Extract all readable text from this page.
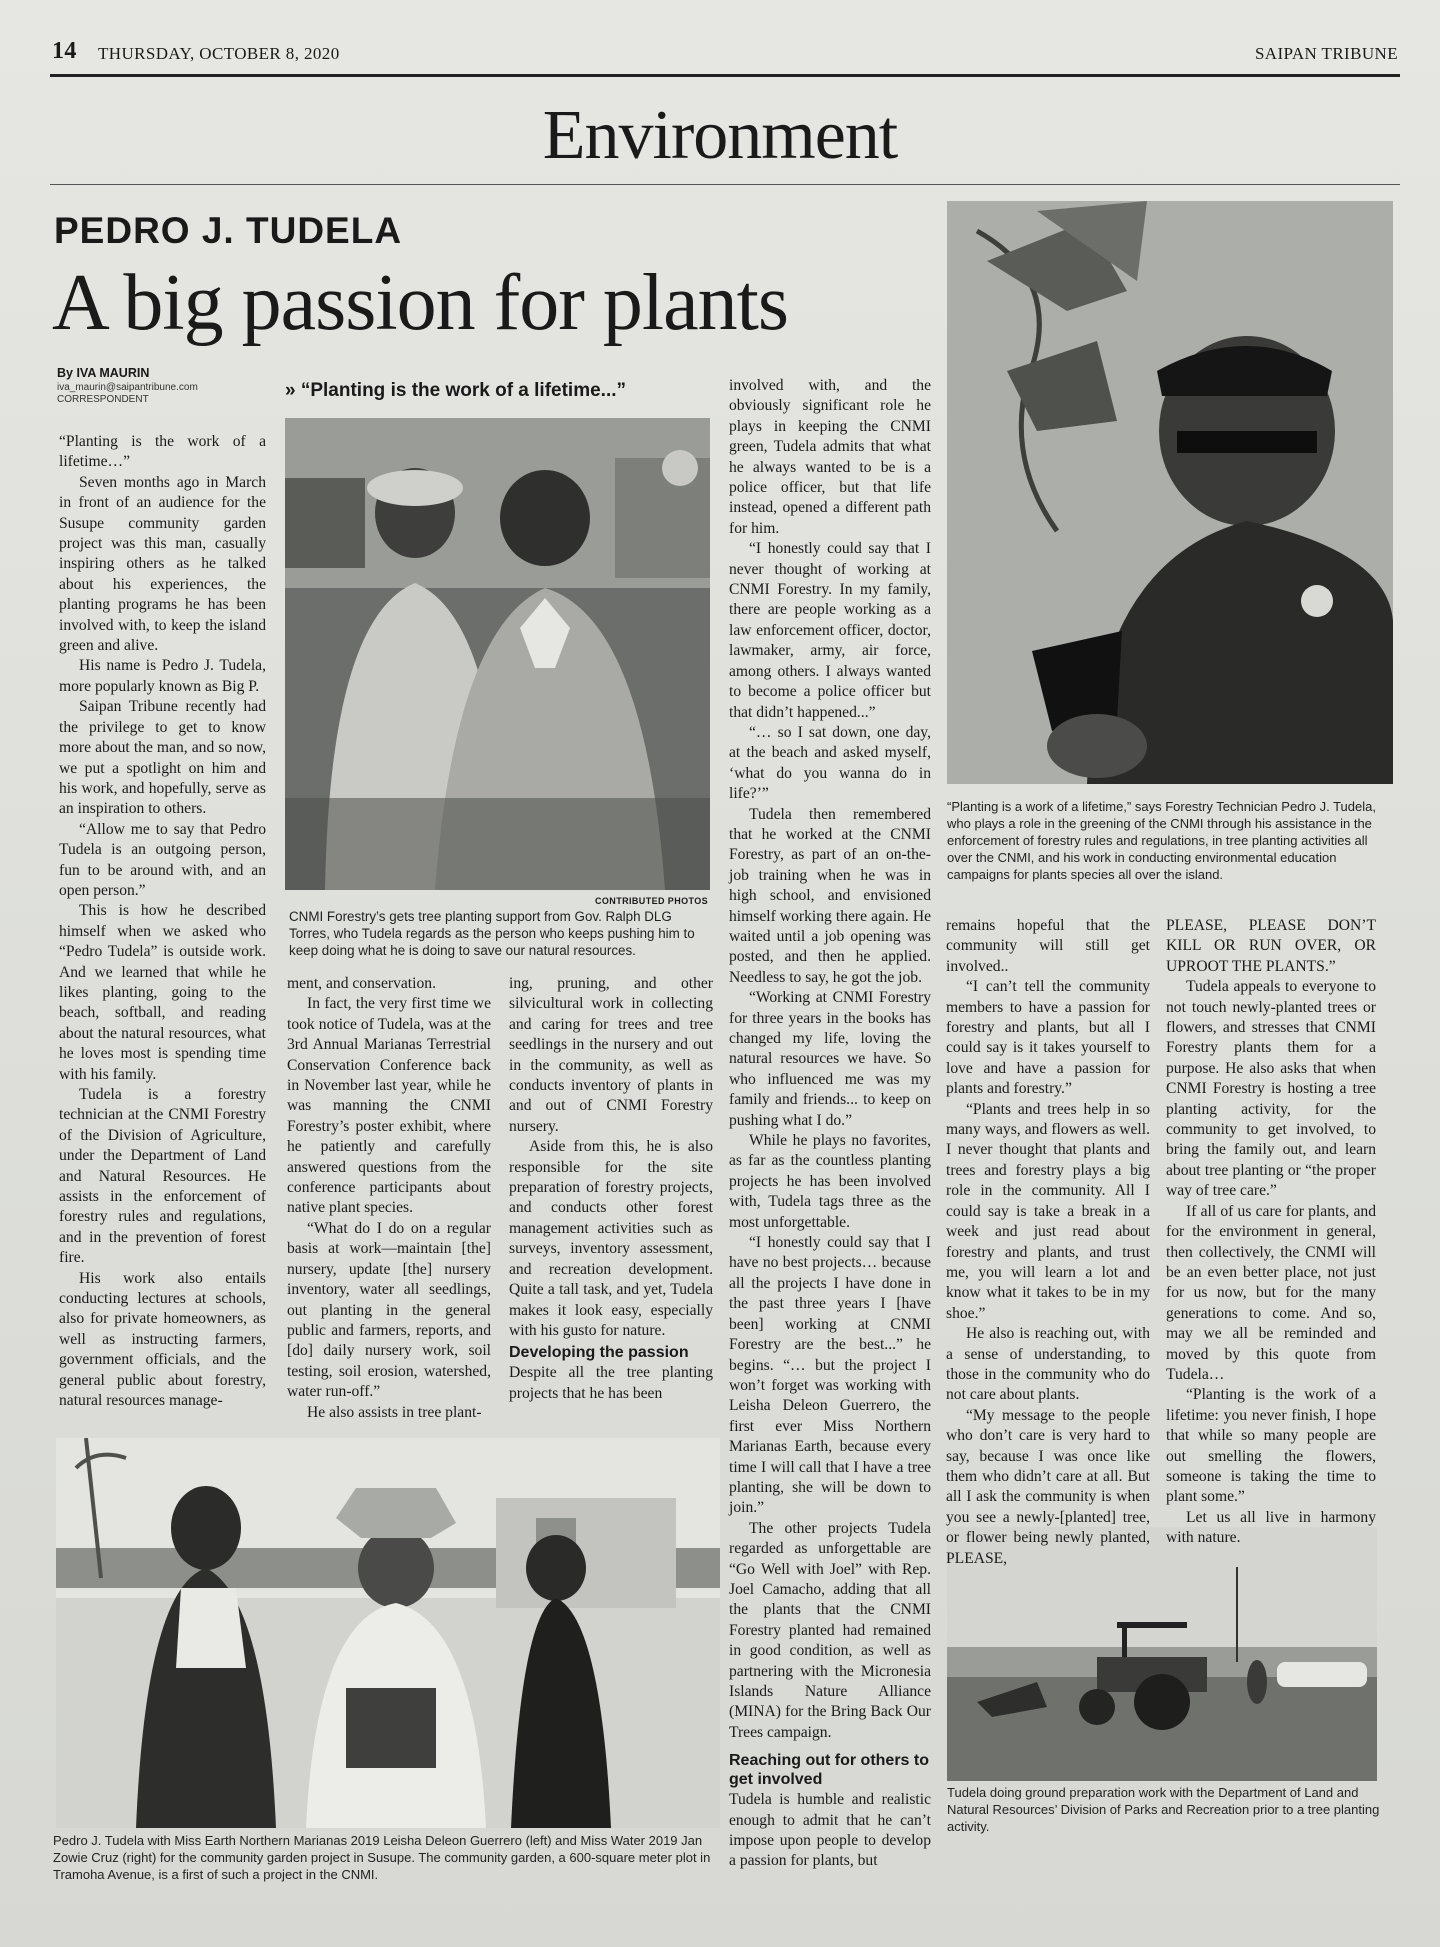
14 THURSDAY, OCTOBER 8, 2020	SAIPAN TRIBUNE
Environment
PEDRO J. TUDELA
A big passion for plants
By IVA MAURIN
iva_maurin@saipantribune.com
CORRESPONDENT	» “Planting is the work of a lifetime...”
CONTRIBUTED PHOTOS
CNMI Forestry’s gets tree planting support from Gov. Ralph DLG Torres, who Tudela regards as the person who keeps pushing him to keep doing what he is doing to save our natural resources.
“Planting is a work of a lifetime,” says Forestry Technician Pedro J. Tudela, who plays a role in the greening of the CNMI through his assistance in the enforcement of forestry rules and regulations, in tree planting activities all over the CNMI, and his work in conducting environmental education campaigns for plants species all over the island.
Pedro J. Tudela with Miss Earth Northern Marianas 2019 Leisha Deleon Guerrero (left) and Miss Water 2019 Jan Zowie Cruz (right) for the community garden project in Susupe. The community garden, a 600-square meter plot in Tramoha Avenue, is a first of such a project in the CNMI.
Tudela doing ground preparation work with the Department of Land and Natural Resources’ Division of Parks and Recreation prior to a tree planting activity.

“Planting is the work of a lifetime…”

Seven months ago in March in front of an audience for the Susupe community garden project was this man, casually inspiring others as he talked about his experiences, the planting programs he has been involved with, to keep the island green and alive.

His name is Pedro J. Tudela, more popularly known as Big P.

Saipan Tribune recently had the privilege to get to know more about the man, and so now, we put a spotlight on him and his work, and hopefully, serve as an inspiration to others.

“Allow me to say that Pedro Tudela is an outgoing person, fun to be around with, and an open person.”

This is how he described himself when we asked who “Pedro Tudela” is outside work. And we learned that while he likes planting, going to the beach, softball, and reading about the natural resources, what he loves most is spending time with his family.

Tudela is a forestry technician at the CNMI Forestry of the Division of Agriculture, under the Department of Land and Natural Resources. He assists in the enforcement of forestry rules and regulations, and in the prevention of forest fire.

His work also entails conducting lectures at schools, also for private homeowners, as well as instructing farmers, government officials, and the general public about forestry, natural resources manage-

ment, and conservation.

In fact, the very first time we took notice of Tudela, was at the 3rd Annual Marianas Terrestrial Conservation Conference back in November last year, while he was manning the CNMI Forestry’s poster exhibit, where he patiently and carefully answered questions from the conference participants about native plant species.

“What do I do on a regular basis at work—maintain [the] nursery, update [the] nursery inventory, water all seedlings, out planting in the general public and farmers, reports, and [do] daily nursery work, soil testing, soil erosion, watershed, water run-off.”

He also assists in tree plant-

ing, pruning, and other silvicultural work in collecting and caring for trees and tree seedlings in the nursery and out in the community, as well as conducts inventory of plants in and out of CNMI Forestry nursery.

Aside from this, he is also responsible for the site preparation of forestry projects, and conducts other forest management activities such as surveys, inventory assessment, and recreation development. Quite a tall task, and yet, Tudela makes it look easy, especially with his gusto for nature.

Developing the passion

Despite all the tree planting projects that he has been

involved with, and the obviously significant role he plays in keeping the CNMI green, Tudela admits that what he always wanted to be is a police officer, but that life instead, opened a different path for him.

“I honestly could say that I never thought of working at CNMI Forestry. In my family, there are people working as a law enforcement officer, doctor, lawmaker, army, air force, among others. I always wanted to become a police officer but that didn’t happened...”

“… so I sat down, one day, at the beach and asked myself, ‘what do you wanna do in life?’”

Tudela then remembered that he worked at the CNMI Forestry, as part of an on-the-job training when he was in high school, and envisioned himself working there again. He waited until a job opening was posted, and then he applied. Needless to say, he got the job.

“Working at CNMI Forestry for three years in the books has changed my life, loving the natural resources we have. So who influenced me was my family and friends... to keep on pushing what I do.”

While he plays no favorites, as far as the countless planting projects he has been involved with, Tudela tags three as the most unforgettable.

“I honestly could say that I have no best projects… because all the projects I have done in the past three years I [have been] working at CNMI Forestry are the best...” he begins. “… but the project I won’t forget was working with Leisha Deleon Guerrero, the first ever Miss Northern Marianas Earth, because every time I will call that I have a tree planting, she will be down to join.”

The other projects Tudela regarded as unforgettable are “Go Well with Joel” with Rep. Joel Camacho, adding that all the plants that the CNMI Forestry planted had remained in good condition, as well as partnering with the Micronesia Islands Nature Alliance (MINA) for the Bring Back Our Trees campaign.

Reaching out for others to get involved

Tudela is humble and realistic enough to admit that he can’t impose upon people to develop a passion for plants, but

remains hopeful that the community will still get involved..

“I can’t tell the community members to have a passion for forestry and plants, but all I could say is it takes yourself to love and have a passion for plants and forestry.”

“Plants and trees help in so many ways, and flowers as well. I never thought that plants and trees and forestry plays a big role in the community. All I could say is take a break in a week and just read about forestry and plants, and trust me, you will learn a lot and know what it takes to be in my shoe.”

He also is reaching out, with a sense of understanding, to those in the community who do not care about plants.

“My message to the people who don’t care is very hard to say, because I was once like them who didn’t care at all. But all I ask the community is when you see a newly-[planted] tree, or flower being newly planted, PLEASE,

PLEASE, PLEASE DON’T KILL OR RUN OVER, OR UPROOT THE PLANTS.”

Tudela appeals to everyone to not touch newly-planted trees or flowers, and stresses that CNMI Forestry plants them for a purpose. He also asks that when CNMI Forestry is hosting a tree planting activity, for the community to get involved, to bring the family out, and learn about tree planting or “the proper way of tree care.”

If all of us care for plants, and for the environment in general, then collectively, the CNMI will be an even better place, not just for us now, but for the many generations to come. And so, may we all be reminded and moved by this quote from Tudela…

“Planting is the work of a lifetime: you never finish, I hope that while so many people are out smelling the flowers, someone is taking the time to plant some.”

Let us all live in harmony with nature.
